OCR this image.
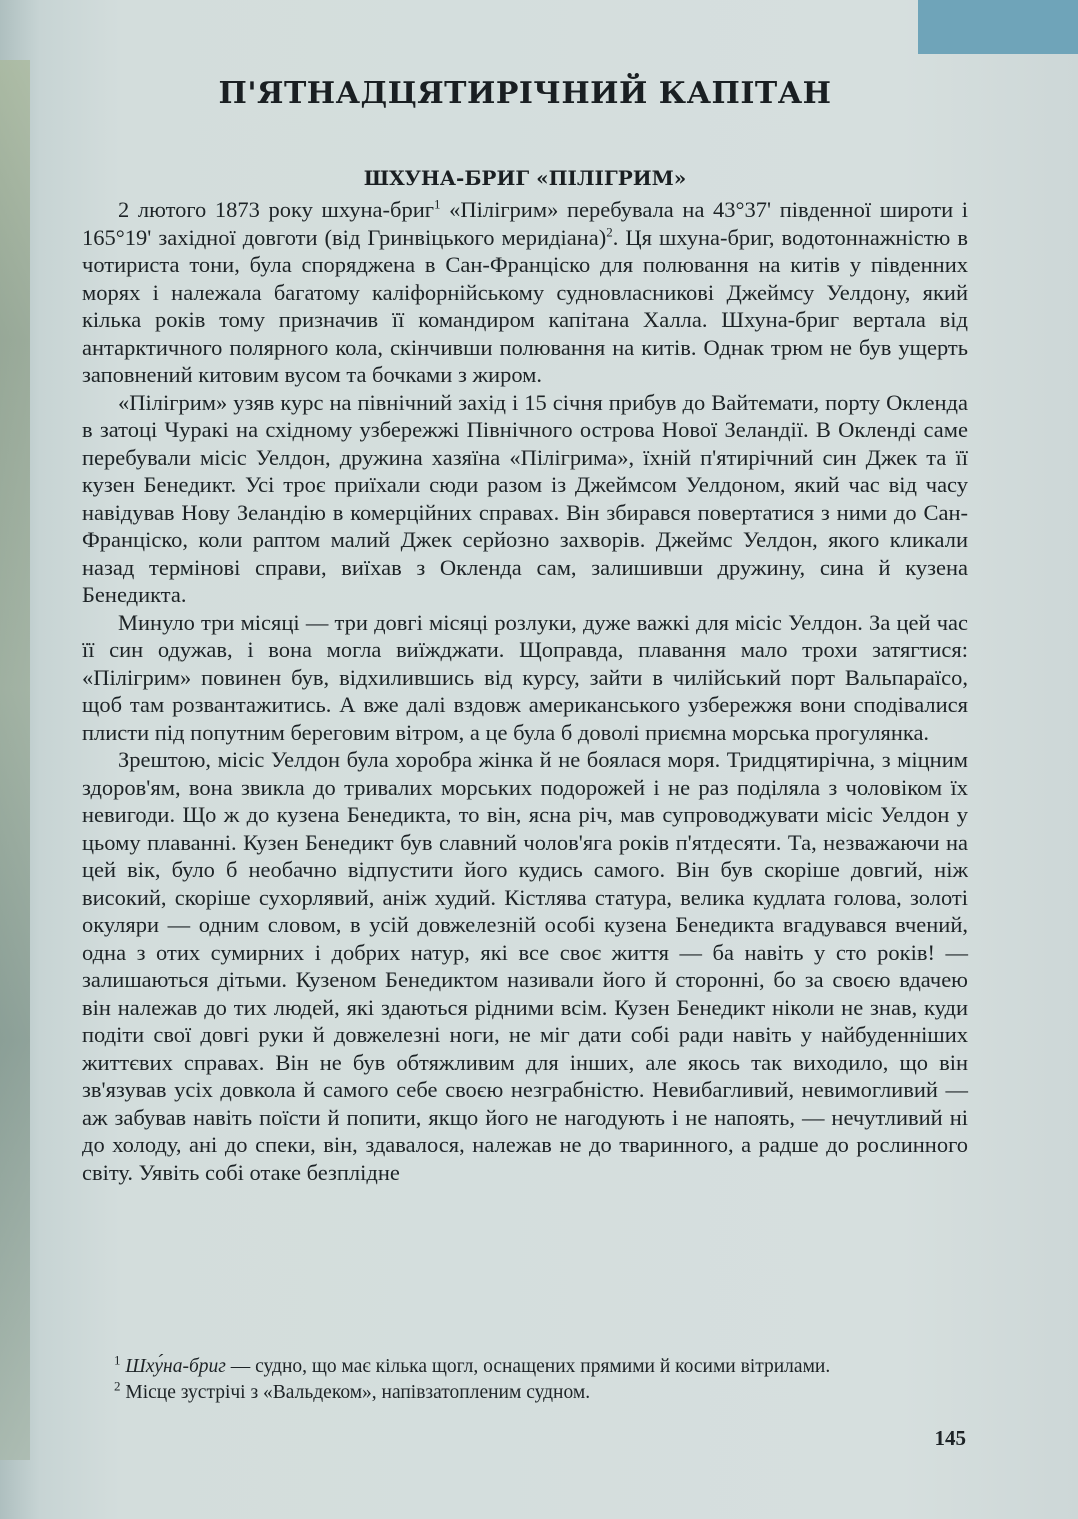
П'ЯТНАДЦЯТИРІЧНИЙ КАПІТАН
ШХУНА-БРИГ «ПІЛІГРИМ»

2 лютого 1873 року шхуна-бриг$^1$ «Пілігрим» перебувала на 43°37' південної широти і 165°19' західної довготи (від Гринвіцького меридіана)$^2$. Ця шхуна-бриг, водотоннажністю в чотириста тони, була споряджена в Сан-Франціско для полювання на китів у південних морях і належала багатому каліфорнійському судновласникові Джеймсу Уелдону, який кілька років тому призначив її командиром капітана Халла. Шхуна-бриг вертала від антарктичного полярного кола, скінчивши полювання на китів. Однак трюм не був ущерть заповнений китовим вусом та бочками з жиром.

«Пілігрим» узяв курс на північний захід і 15 січня прибув до Вайтемати, порту Окленда в затоці Чуракі на східному узбережжі Північного острова Нової Зеландії. В Окленді саме перебували місіс Уелдон, дружина хазяїна «Пілігрима», їхній п'ятирічний син Джек та її кузен Бенедикт. Усі троє приїхали сюди разом із Джеймсом Уелдоном, який час від часу навідував Нову Зеландію в комерційних справах. Він збирався повертатися з ними до Сан-Франціско, коли раптом малий Джек серйозно захворів. Джеймс Уелдон, якого кликали назад термінові справи, виїхав з Окленда сам, залишивши дружину, сина й кузена Бенедикта.

Минуло три місяці — три довгі місяці розлуки, дуже важкі для місіс Уелдон. За цей час її син одужав, і вона могла виїжджати. Щоправда, плавання мало трохи затягтися: «Пілігрим» повинен був, відхилившись від курсу, зайти в чилійський порт Вальпараїсо, щоб там розвантажитись. А вже далі вздовж американського узбережжя вони сподівалися плисти під попутним береговим вітром, а це була б доволі приємна морська прогулянка.

Зрештою, місіс Уелдон була хоробра жінка й не боялася моря. Тридцятирічна, з міцним здоров'ям, вона звикла до тривалих морських подорожей і не раз поділяла з чоловіком їх невигоди. Що ж до кузена Бенедикта, то він, ясна річ, мав супроводжувати місіс Уелдон у цьому плаванні. Кузен Бенедикт був славний чолов'яга років п'ятдесяти. Та, незважаючи на цей вік, було б необачно відпустити його кудись самого. Він був скоріше довгий, ніж високий, скоріше сухорлявий, аніж худий. Кістлява статура, велика кудлата голова, золоті окуляри — одним словом, в усій довжелезній особі кузена Бенедикта вгадувався вчений, одна з отих сумирних і добрих натур, які все своє життя — ба навіть у сто років! — залишаються дітьми. Кузеном Бенедиктом називали його й сторонні, бо за своєю вдачею він належав до тих людей, які здаються рідними всім. Кузен Бенедикт ніколи не знав, куди подіти свої довгі руки й довжелезні ноги, не міг дати собі ради навіть у найбуденніших життєвих справах. Він не був обтяжливим для інших, але якось так виходило, що він зв'язував усіх довкола й самого себе своєю незграбністю. Невибагливий, невимогливий — аж забував навіть поїсти й попити, якщо його не нагодують і не напоять, — нечутливий ні до холоду, ані до спеки, він, здавалося, належав не до тваринного, а радше до рослинного світу. Уявіть собі отаке безплідне

$^1$ Шху́на-бриг — судно, що має кілька щогл, оснащених прямими й косими вітрилами.
$^2$ Місце зустрічі з «Вальдеком», напівзатопленим судном.
145
